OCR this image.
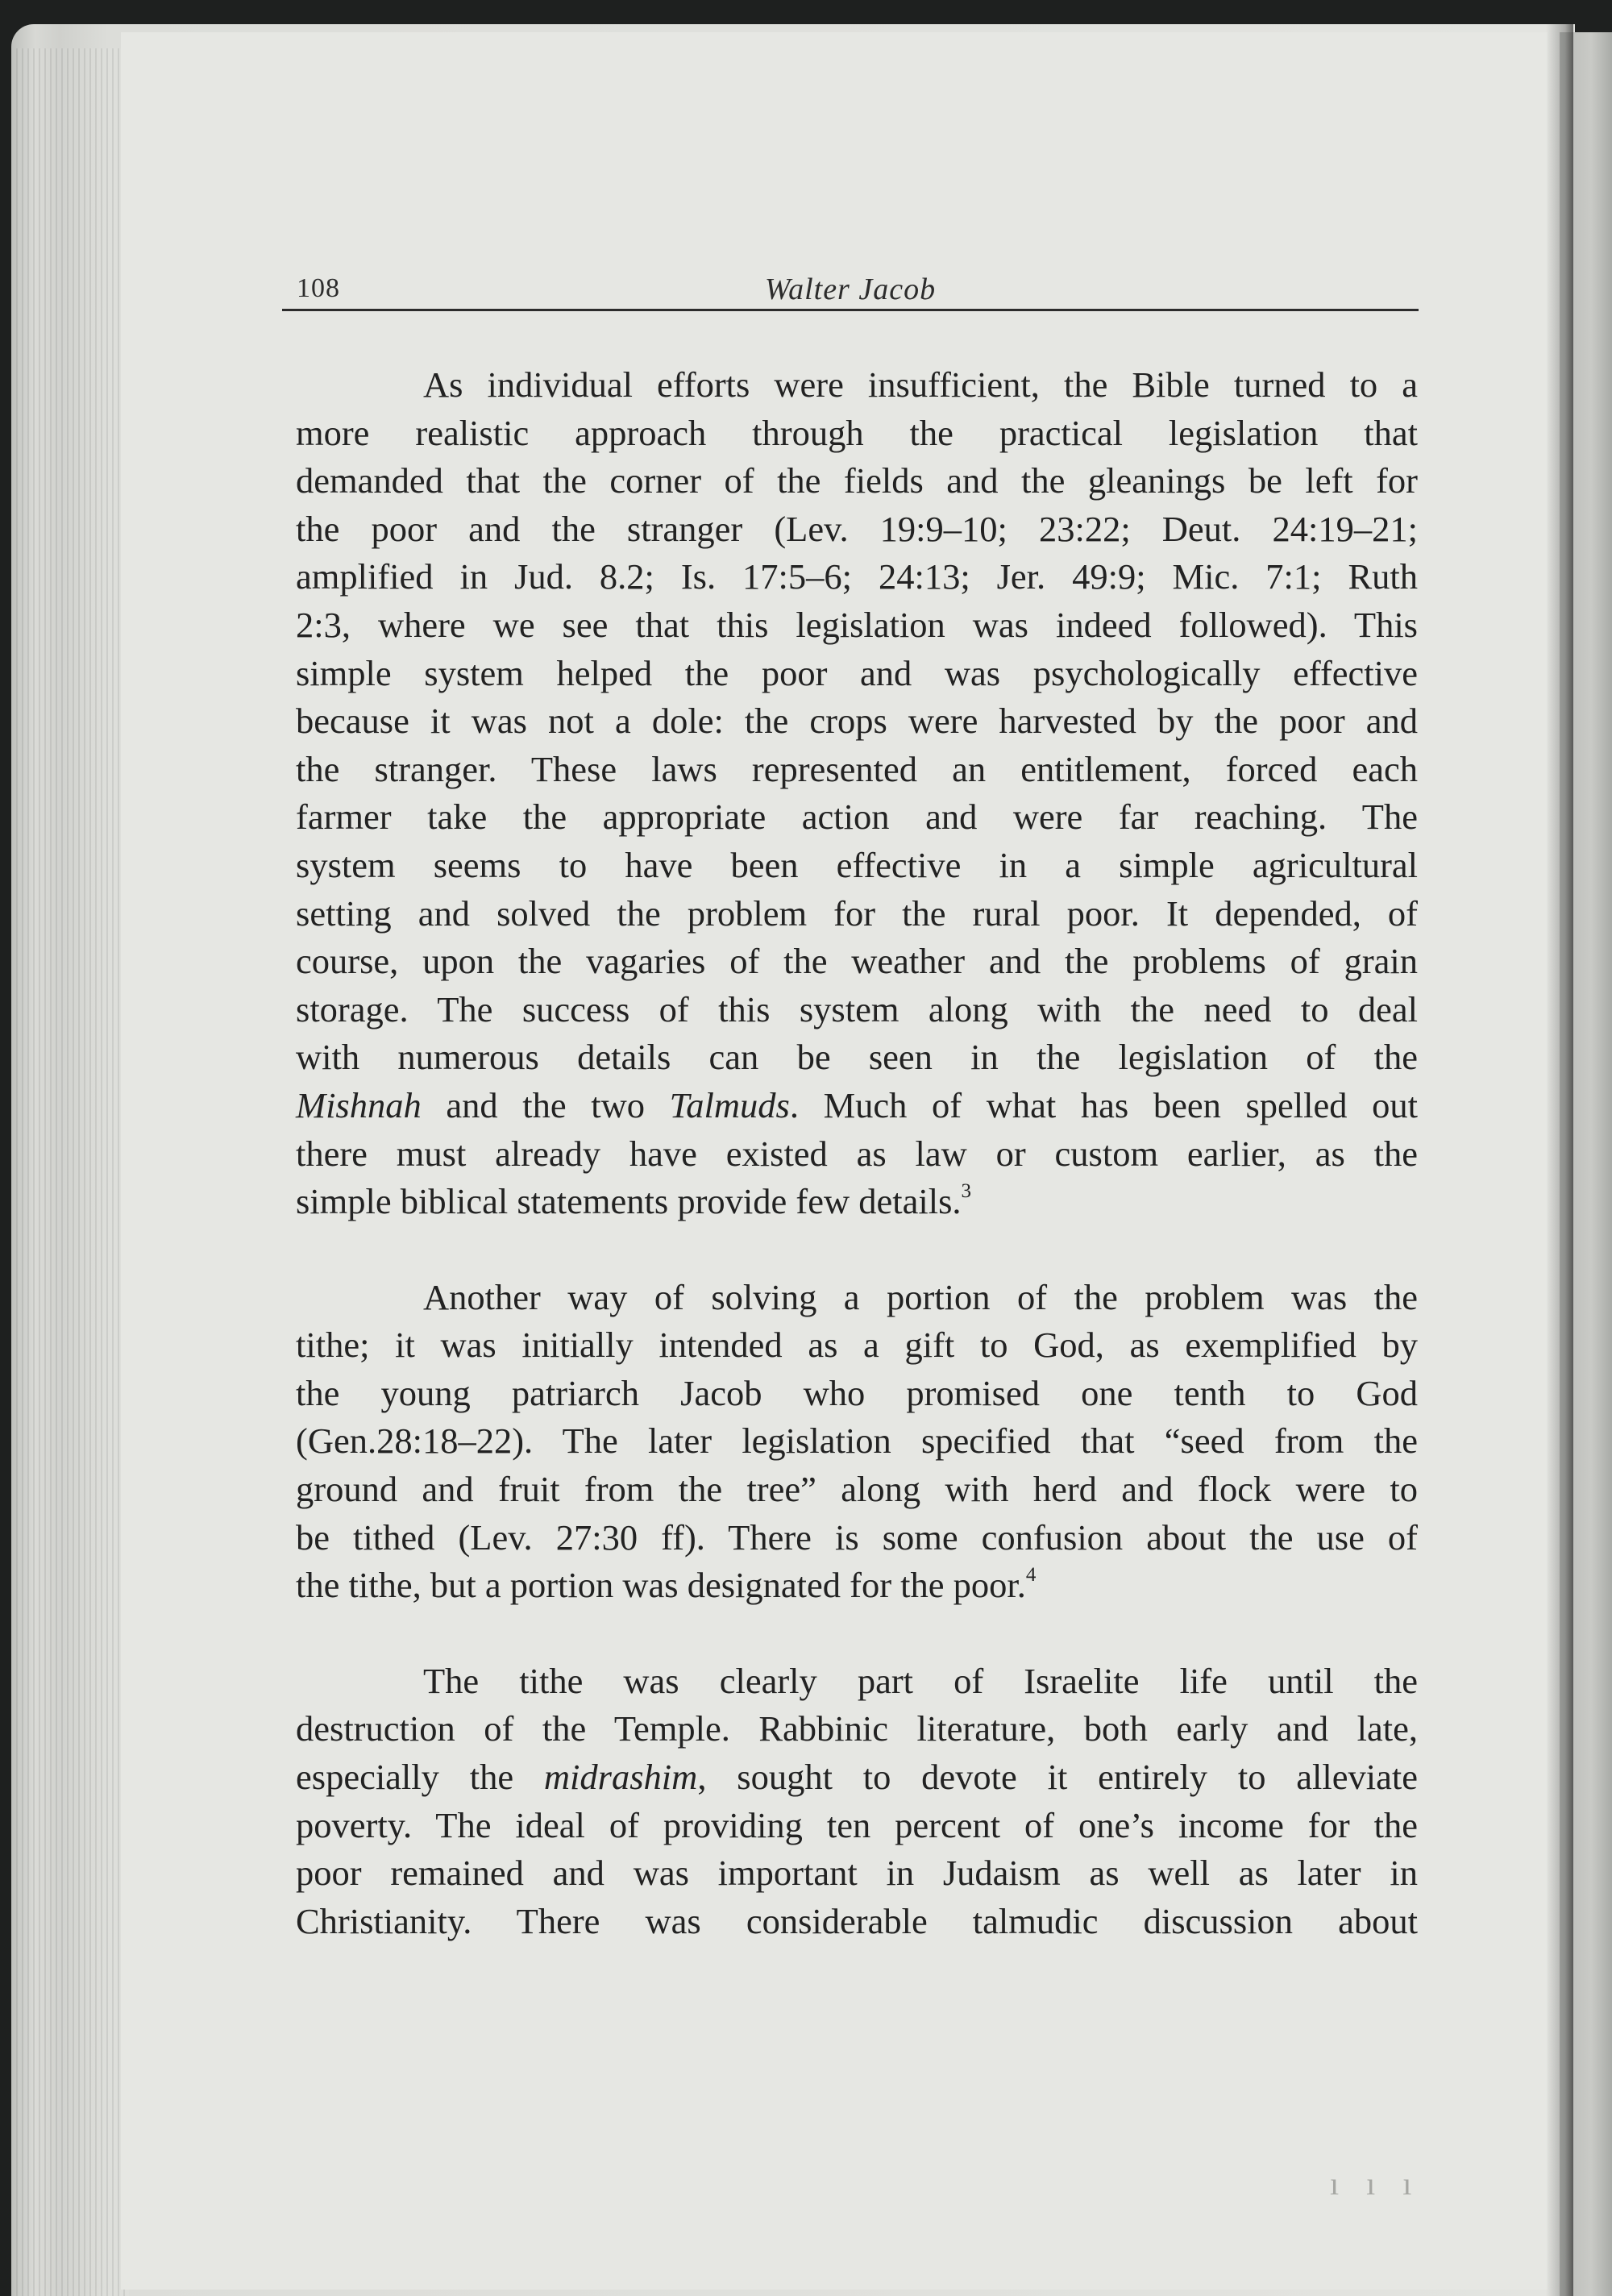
108	Walter Jacob

As individual efforts were insufficient, the Bible turned to a
more realistic approach through the practical legislation that
demanded that the corner of the fields and the gleanings be left for
the poor and the stranger (Lev. 19:9–10; 23:22; Deut. 24:19–21;
amplified in Jud. 8.2; Is. 17:5–6; 24:13; Jer. 49:9; Mic. 7:1; Ruth
2:3, where we see that this legislation was indeed followed). This
simple system helped the poor and was psychologically effective
because it was not a dole: the crops were harvested by the poor and
the stranger. These laws represented an entitlement, forced each
farmer take the appropriate action and were far reaching. The
system seems to have been effective in a simple agricultural
setting and solved the problem for the rural poor. It depended, of
course, upon the vagaries of the weather and the problems of grain
storage. The success of this system along with the need to deal
with numerous details can be seen in the legislation of the
Mishnah and the two Talmuds. Much of what has been spelled out
there must already have existed as law or custom earlier, as the
simple biblical statements provide few details.$^3$

Another way of solving a portion of the problem was the
tithe; it was initially intended as a gift to God, as exemplified by
the young patriarch Jacob who promised one tenth to God
(Gen.28:18–22). The later legislation specified that “seed from the
ground and fruit from the tree” along with herd and flock were to
be tithed (Lev. 27:30 ff). There is some confusion about the use of
the tithe, but a portion was designated for the poor.$^4$

The tithe was clearly part of Israelite life until the
destruction of the Temple. Rabbinic literature, both early and late,
especially the midrashim, sought to devote it entirely to alleviate
poverty. The ideal of providing ten percent of one’s income for the
poor remained and was important in Judaism as well as later in
Christianity. There was considerable talmudic discussion about

ı ı ı
